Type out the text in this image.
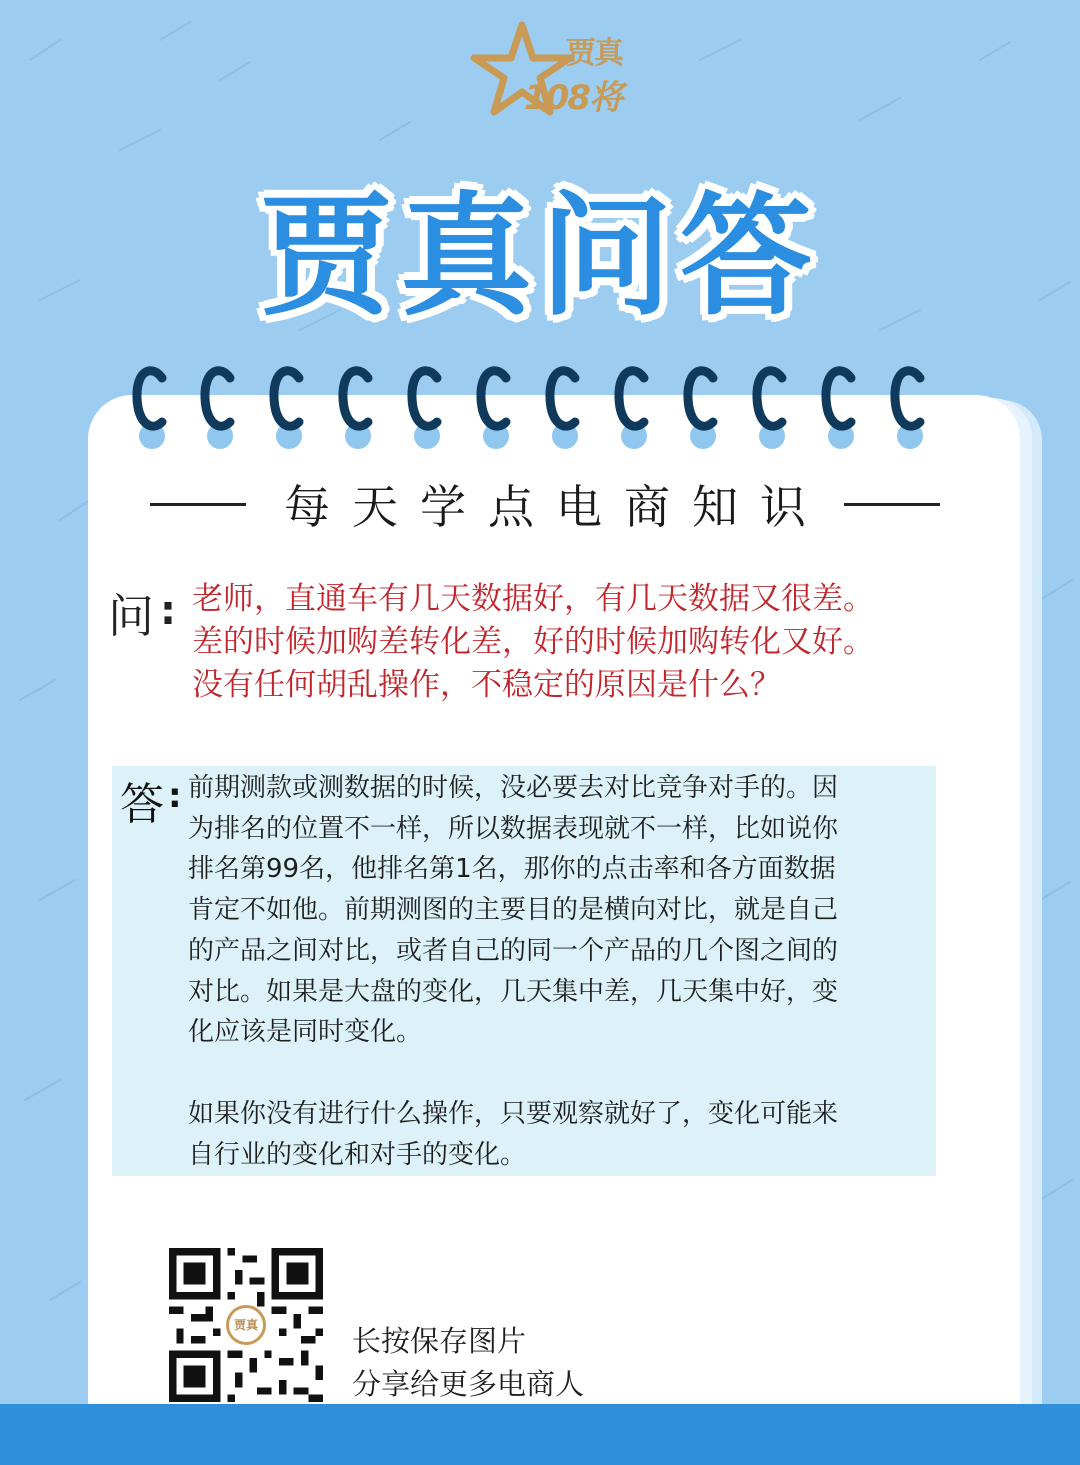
贾真
108将
贾真问答
每天学点电商知识
问 : 老师，直通车有几天数据好，有几天数据又很差。
差的时候加购差转化差，好的时候加购转化又好。
没有任何胡乱操作，不稳定的原因是什么？
答 : 前期测款或测数据的时候，没必要去对比竞争对手的。因
为排名的位置不一样，所以数据表现就不一样，比如说你
排名第99名，他排名第1名，那你的点击率和各方面数据
肯定不如他。前期测图的主要目的是横向对比，就是自己
的产品之间对比，或者自己的同一个产品的几个图之间的
对比。如果是大盘的变化，几天集中差，几天集中好，变
化应该是同时变化。
如果你没有进行什么操作，只要观察就好了，变化可能来
自行业的变化和对手的变化。
贾真	长按保存图片
分享给更多电商人
